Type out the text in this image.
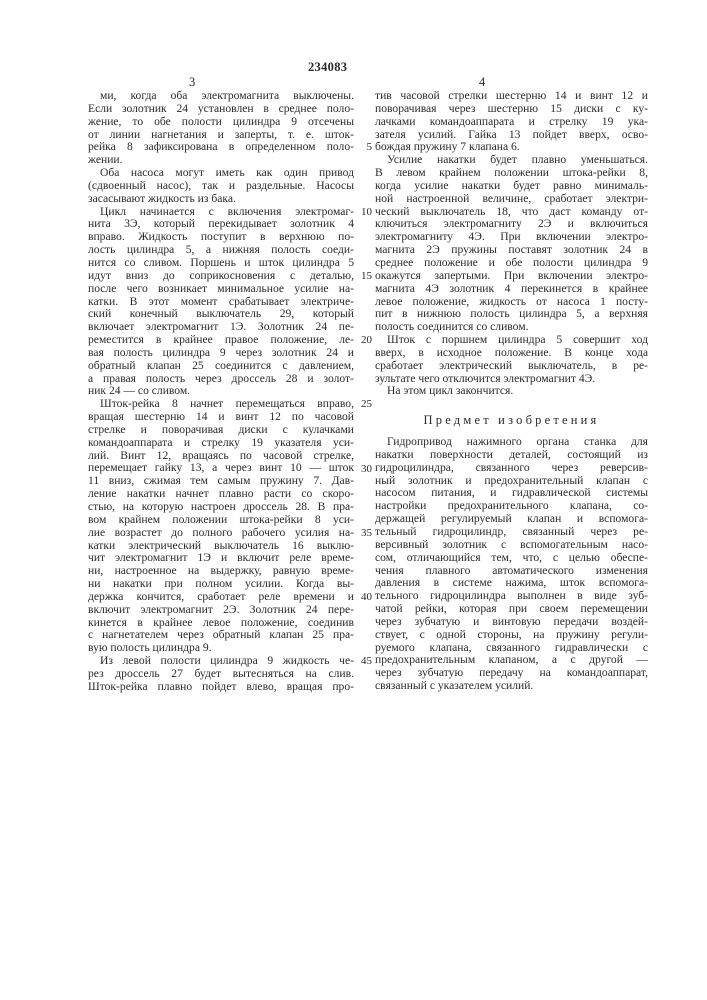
234083
3	4
ми, когда оба электромагнита выключены.
Если золотник 24 установлен в среднее поло-
жение, то обе полости цилиндра 9 отсечены
от линии нагнетания и заперты, т. е. шток-
рейка 8 зафиксирована в определенном поло-
жении.
Оба насоса могут иметь как один привод
(сдвоенный насос), так и раздельные. Насосы
засасывают жидкость из бака.
Цикл начинается с включения электромаг-
нита 3Э, который перекидывает золотник 4
вправо. Жидкость поступит в верхнюю по-
лость цилиндра 5, а нижняя полость соеди-
нится со сливом. Поршень и шток цилиндра 5
идут вниз до соприкосновения с деталью,
после чего возникает минимальное усилие на-
катки. В этот момент срабатывает электриче-
ский конечный выключатель 29, который
включает электромагнит 1Э. Золотник 24 пе-
реместится в крайнее правое положение, ле-
вая полость цилиндра 9 через золотник 24 и
обратный клапан 25 соединится с давлением,
а правая полость через дроссель 28 и золот-
ник 24 — со сливом.
Шток-рейка 8 начнет перемещаться вправо,
вращая шестерню 14 и винт 12 по часовой
стрелке и поворачивая диски с кулачками
командоаппарата и стрелку 19 указателя уси-
лий. Винт 12, вращаясь по часовой стрелке,
перемещает гайку 13, а через винт 10 — шток
11 вниз, сжимая тем самым пружину 7. Дав-
ление накатки начнет плавно расти со скоро-
стью, на которую настроен дроссель 28. В пра-
вом крайнем положении штока-рейки 8 уси-
лие возрастет до полного рабочего усилия на-
катки электрический выключатель 16 выклю-
чит электромагнит 1Э и включит реле време-
ни, настроенное на выдержку, равную време-
ни накатки при полном усилии. Когда вы-
держка кончится, сработает реле времени и
включит электромагнит 2Э. Золотник 24 пере-
кинется в крайнее левое положение, соединив
с нагнетателем через обратный клапан 25 пра-
вую полость цилиндра 9.
Из левой полости цилиндра 9 жидкость че-
рез дроссель 27 будет вытесняться на слив.
Шток-рейка плавно пойдет влево, вращая про-
тив часовой стрелки шестерню 14 и винт 12 и
поворачивая через шестерню 15 диски с ку-
лачками командоаппарата и стрелку 19 ука-
зателя усилий. Гайка 13 пойдет вверх, осво-
бождая пружину 7 клапана 6.
Усилие накатки будет плавно уменьшаться.
В левом крайнем положении штока-рейки 8,
когда усилие накатки будет равно минималь-
ной настроенной величине, сработает электри-
ческий выключатель 18, что даст команду от-
ключиться электромагниту 2Э и включиться
электромагниту 4Э. При включении электро-
магнита 2Э пружины поставят золотник 24 в
среднее положение и обе полости цилиндра 9
окажутся запертыми. При включении электро-
магнита 4Э золотник 4 перекинется в крайнее
левое положение, жидкость от насоса 1 посту-
пит в нижнюю полость цилиндра 5, а верхняя
полость соединится со сливом.
Шток с поршнем цилиндра 5 совершит ход
вверх, в исходное положение. В конце хода
сработает электрический выключатель, в ре-
зультате чего отключится электромагнит 4Э.
На этом цикл закончится.
Предмет изобретения
Гидропривод нажимного органа станка для
накатки поверхности деталей, состоящий из
гидроцилиндра, связанного через реверсив-
ный золотник и предохранительный клапан с
насосом питания, и гидравлической системы
настройки предохранительного клапана, со-
держащей регулируемый клапан и вспомога-
тельный гидроцилиндр, связанный через ре-
версивный золотник с вспомогательным насо-
сом, отличающийся тем, что, с целью обеспе-
чения плавного автоматического изменения
давления в системе нажима, шток вспомога-
тельного гидроцилиндра выполнен в виде зуб-
чатой рейки, которая при своем перемещении
через зубчатую и винтовую передачи воздей-
ствует, с одной стороны, на пружину регули-
руемого клапана, связанного гидравлически с
предохранительным клапаном, а с другой —
через зубчатую передачу на командоаппарат,
связанный с указателем усилий.
5
10
15
20
25
30
35
40
45
